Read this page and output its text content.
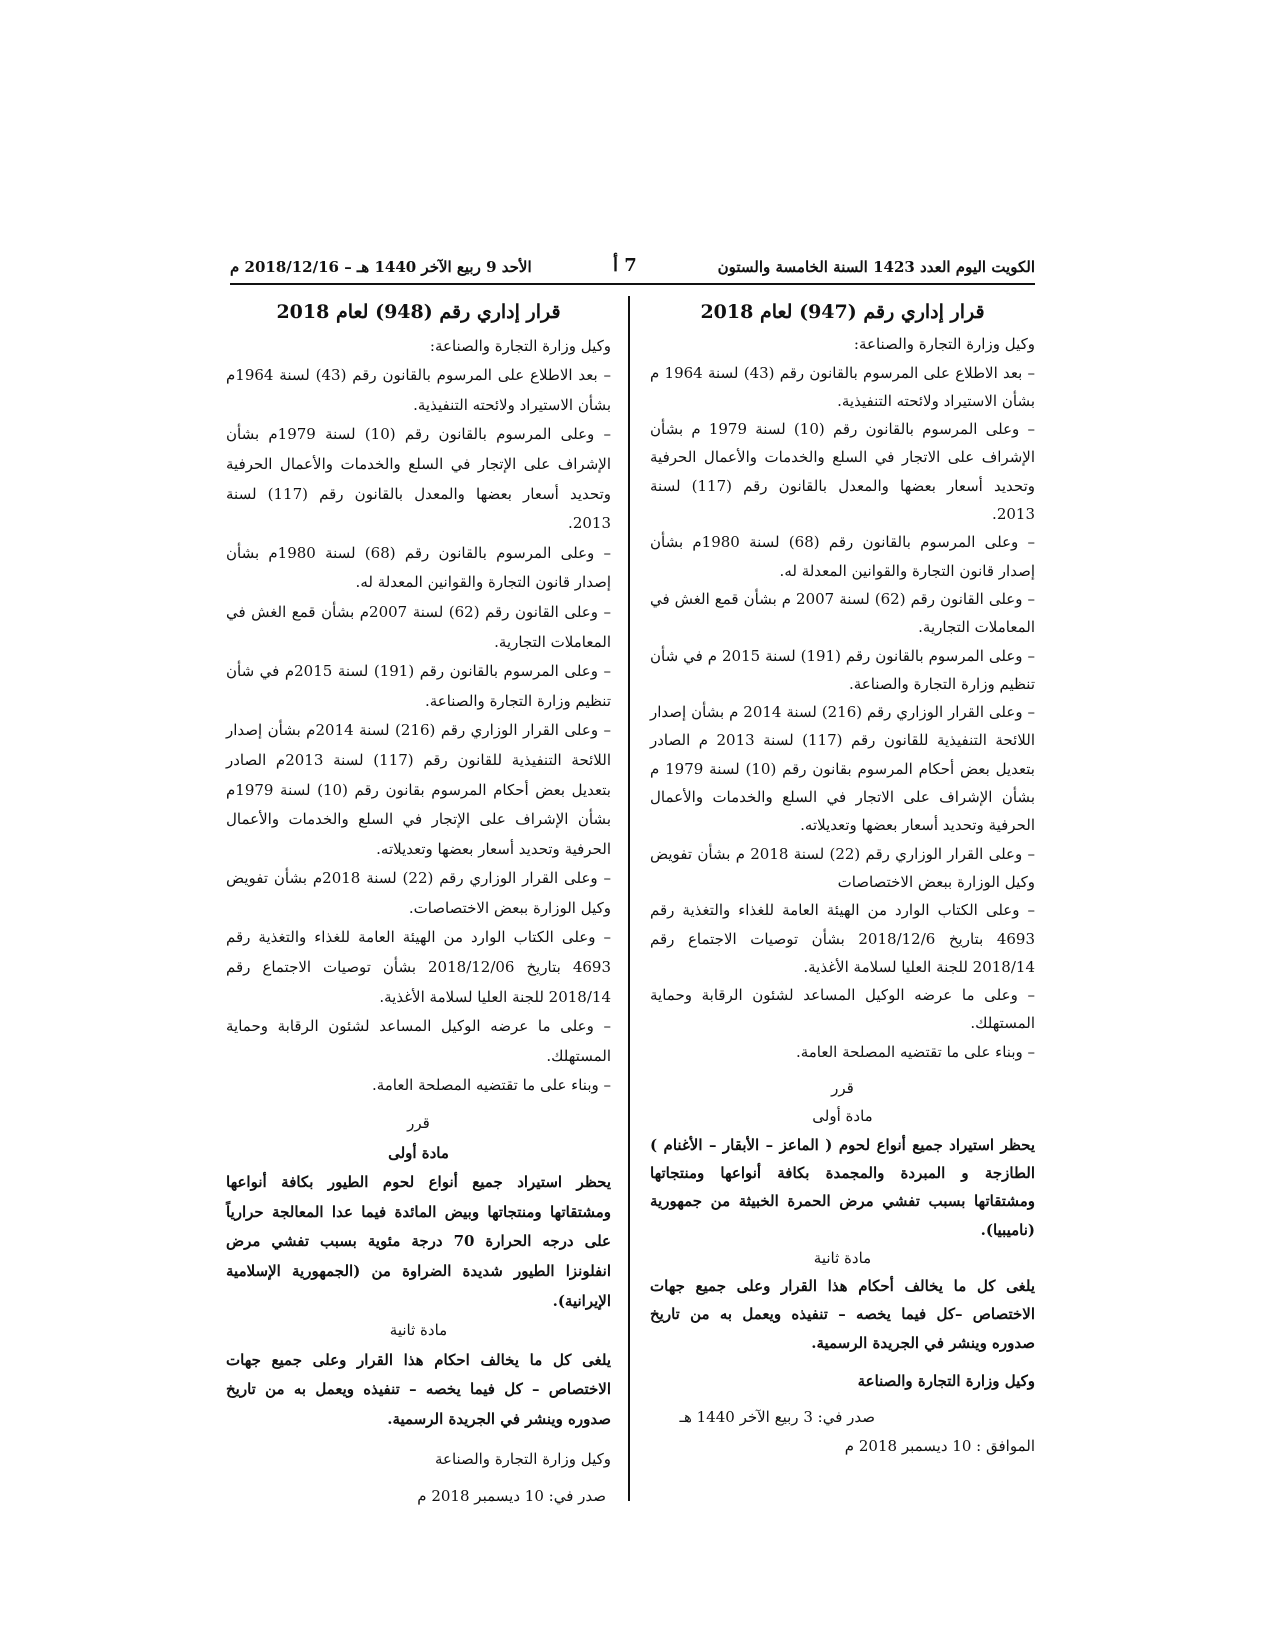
الكويت اليوم العدد 1423 السنة الخامسة والستون
7 أ
الأحد 9 ربيع الآخر 1440 هـ – 2018/12/16 م
قرار إداري رقم (947) لعام 2018

وكيل وزارة التجارة والصناعة:

– بعد الاطلاع على المرسوم بالقانون رقم (43) لسنة 1964 م بشأن الاستيراد ولائحته التنفيذية.

– وعلى المرسوم بالقانون رقم (10) لسنة 1979 م بشأن الإشراف على الاتجار في السلع والخدمات والأعمال الحرفية وتحديد أسعار بعضها والمعدل بالقانون رقم (117) لسنة 2013.

– وعلى المرسوم بالقانون رقم (68) لسنة 1980م بشأن إصدار قانون التجارة والقوانين المعدلة له.

– وعلى القانون رقم (62) لسنة 2007 م بشأن قمع الغش في المعاملات التجارية.

– وعلى المرسوم بالقانون رقم (191) لسنة 2015 م في شأن تنظيم وزارة التجارة والصناعة.

– وعلى القرار الوزاري رقم (216) لسنة 2014 م بشأن إصدار اللائحة التنفيذية للقانون رقم (117) لسنة 2013 م الصادر بتعديل بعض أحكام المرسوم بقانون رقم (10) لسنة 1979 م بشأن الإشراف على الاتجار في السلع والخدمات والأعمال الحرفية وتحديد أسعار بعضها وتعديلاته.

– وعلى القرار الوزاري رقم (22) لسنة 2018 م بشأن تفويض وكيل الوزارة ببعض الاختصاصات

– وعلى الكتاب الوارد من الهيئة العامة للغذاء والتغذية رقم 4693 بتاريخ 2018/12/6 بشأن توصيات الاجتماع رقم 2018/14 للجنة العليا لسلامة الأغذية.

– وعلى ما عرضه الوكيل المساعد لشئون الرقابة وحماية المستهلك.

– وبناء على ما تقتضيه المصلحة العامة.

قرر

مادة أولى

يحظر استيراد جميع أنواع لحوم ( الماعز – الأبقار – الأغنام ) الطازجة و المبردة والمجمدة بكافة أنواعها ومنتجاتها ومشتقاتها بسبب تفشي مرض الحمرة الخبيثة من جمهورية (ناميبيا).

مادة ثانية

يلغى كل ما يخالف أحكام هذا القرار وعلى جميع جهات الاختصاص –كل فيما يخصه – تنفيذه ويعمل به من تاريخ صدوره وينشر في الجريدة الرسمية.

وكيل وزارة التجارة والصناعة

صدر في: 3 ربيع الآخر 1440 هـ

الموافق : 10 ديسمبر 2018 م

قرار إداري رقم (948) لعام 2018

وكيل وزارة التجارة والصناعة:

– بعد الاطلاع على المرسوم بالقانون رقم (43) لسنة 1964م بشأن الاستيراد ولائحته التنفيذية.

– وعلى المرسوم بالقانون رقم (10) لسنة 1979م بشأن الإشراف على الإتجار في السلع والخدمات والأعمال الحرفية وتحديد أسعار بعضها والمعدل بالقانون رقم (117) لسنة 2013.

– وعلى المرسوم بالقانون رقم (68) لسنة 1980م بشأن إصدار قانون التجارة والقوانين المعدلة له.

– وعلى القانون رقم (62) لسنة 2007م بشأن قمع الغش في المعاملات التجارية.

– وعلى المرسوم بالقانون رقم (191) لسنة 2015م في شأن تنظيم وزارة التجارة والصناعة.

– وعلى القرار الوزاري رقم (216) لسنة 2014م بشأن إصدار اللائحة التنفيذية للقانون رقم (117) لسنة 2013م الصادر بتعديل بعض أحكام المرسوم بقانون رقم (10) لسنة 1979م بشأن الإشراف على الإتجار في السلع والخدمات والأعمال الحرفية وتحديد أسعار بعضها وتعديلاته.

– وعلى القرار الوزاري رقم (22) لسنة 2018م بشأن تفويض وكيل الوزارة ببعض الاختصاصات.

– وعلى الكتاب الوارد من الهيئة العامة للغذاء والتغذية رقم 4693 بتاريخ 2018/12/06 بشأن توصيات الاجتماع رقم 2018/14 للجنة العليا لسلامة الأغذية.

– وعلى ما عرضه الوكيل المساعد لشئون الرقابة وحماية المستهلك.

– وبناء على ما تقتضيه المصلحة العامة.

قرر

مادة أولى

يحظر استيراد جميع أنواع لحوم الطيور بكافة أنواعها ومشتقاتها ومنتجاتها وبيض المائدة فيما عدا المعالجة حرارياً على درجه الحرارة 70 درجة مئوية بسبب تفشي مرض انفلونزا الطيور شديدة الضراوة من (الجمهورية الإسلامية الإيرانية).

مادة ثانية

يلغى كل ما يخالف احكام هذا القرار وعلى جميع جهات الاختصاص – كل فيما يخصه – تنفيذه ويعمل به من تاريخ صدوره وينشر في الجريدة الرسمية.

وكيل وزارة التجارة والصناعة

صدر في: 10 ديسمبر 2018 م
